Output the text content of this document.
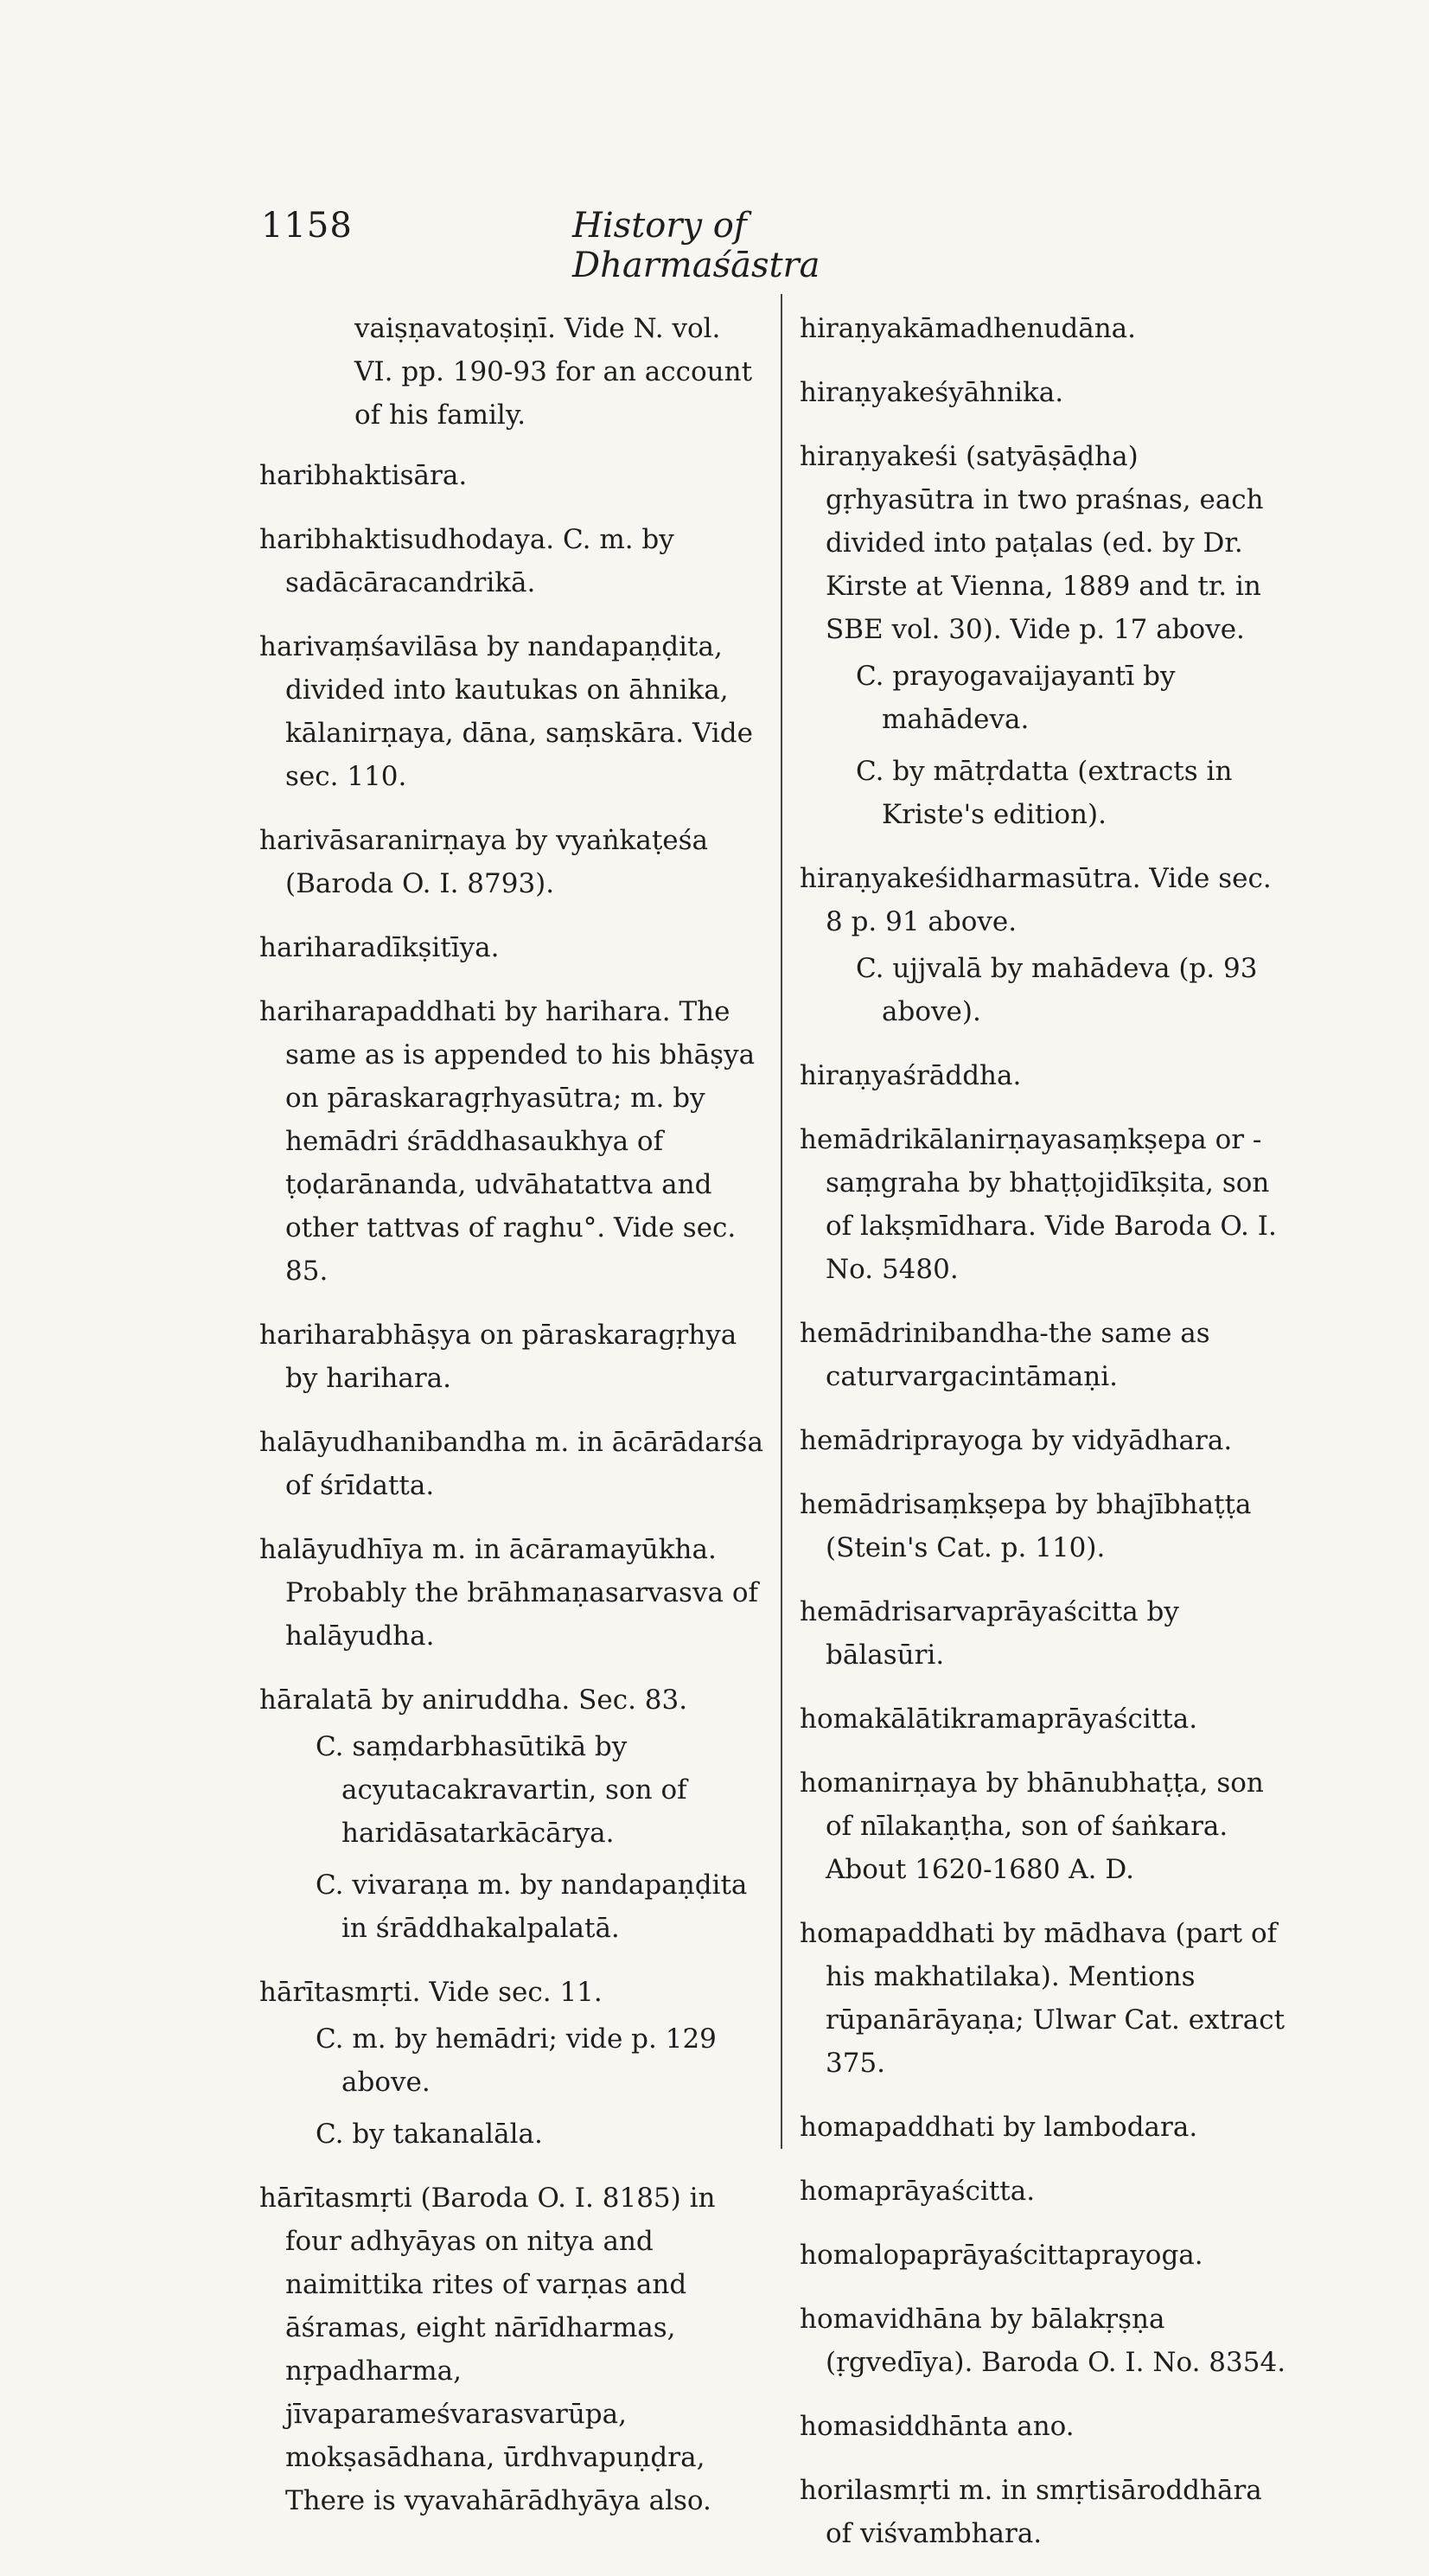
1158	History of Dharmaśāstra

vaiṣṇavatoṣiṇī. Vide N. vol. VI. pp. 190-93 for an account of his family.

haribhaktisāra.

haribhaktisudhodaya. C. m. by sadācāracandrikā.

harivaṃśavilāsa by nandapaṇḍita, divided into kautukas on āhnika, kālanirṇaya, dāna, saṃskāra. Vide sec. 110.

harivāsaranirṇaya by vyaṅkaṭeśa (Baroda O. I. 8793).

hariharadīkṣitīya.

hariharapaddhati by harihara. The same as is appended to his bhāṣya on pāraskaragṛhyasūtra; m. by hemādri śrāddhasaukhya of ṭoḍarānanda, udvāhatattva and other tattvas of raghu°. Vide sec. 85.

hariharabhāṣya on pāraskaragṛhya by harihara.

halāyudhanibandha m. in ācārādarśa of śrīdatta.

halāyudhīya m. in ācāramayūkha. Probably the brāhmaṇasarvasva of halāyudha.

hāralatā by aniruddha. Sec. 83.

C. saṃdarbhasūtikā by acyutacakravartin, son of haridāsatarkācārya.

C. vivaraṇa m. by nandapaṇḍita in śrāddhakalpalatā.

hārītasmṛti. Vide sec. 11.

C. m. by hemādri; vide p. 129 above.

C. by takanalāla.

hārītasmṛti (Baroda O. I. 8185) in four adhyāyas on nitya and naimittika rites of varṇas and āśramas, eight nārīdharmas, nṛpadharma, jīvaparameśvarasvarūpa, mokṣasādhana, ūrdhvapuṇḍra, There is vyavahārādhyāya also.

hiraṇyakāmadhenudāna.

hiraṇyakeśyāhnika.

hiraṇyakeśi (satyāṣāḍha) gṛhyasūtra in two praśnas, each divided into paṭalas (ed. by Dr. Kirste at Vienna, 1889 and tr. in SBE vol. 30). Vide p. 17 above.

C. prayogavaijayantī by mahādeva.

C. by mātṛdatta (extracts in Kriste's edition).

hiraṇyakeśidharmasūtra. Vide sec. 8 p. 91 above.

C. ujjvalā by mahādeva (p. 93 above).

hiraṇyaśrāddha.

hemādrikālanirṇayasaṃkṣepa or -saṃgraha by bhaṭṭojidīkṣita, son of lakṣmīdhara. Vide Baroda O. I. No. 5480.

hemādrinibandha-the same as caturvargacintāmaṇi.

hemādriprayoga by vidyādhara.

hemādrisaṃkṣepa by bhajībhaṭṭa (Stein's Cat. p. 110).

hemādrisarvaprāyaścitta by bālasūri.

homakālātikramaprāyaścitta.

homanirṇaya by bhānubhaṭṭa, son of nīlakaṇṭha, son of śaṅkara. About 1620-1680 A. D.

homapaddhati by mādhava (part of his makhatilaka). Mentions rūpanārāyaṇa; Ulwar Cat. extract 375.

homapaddhati by lambodara.

homaprāyaścitta.

homalopaprāyaścittaprayoga.

homavidhāna by bālakṛṣṇa (ṛgvedīya). Baroda O. I. No. 8354.

homasiddhānta ano.

horilasmṛti m. in smṛtisāroddhāra of viśvambhara.
